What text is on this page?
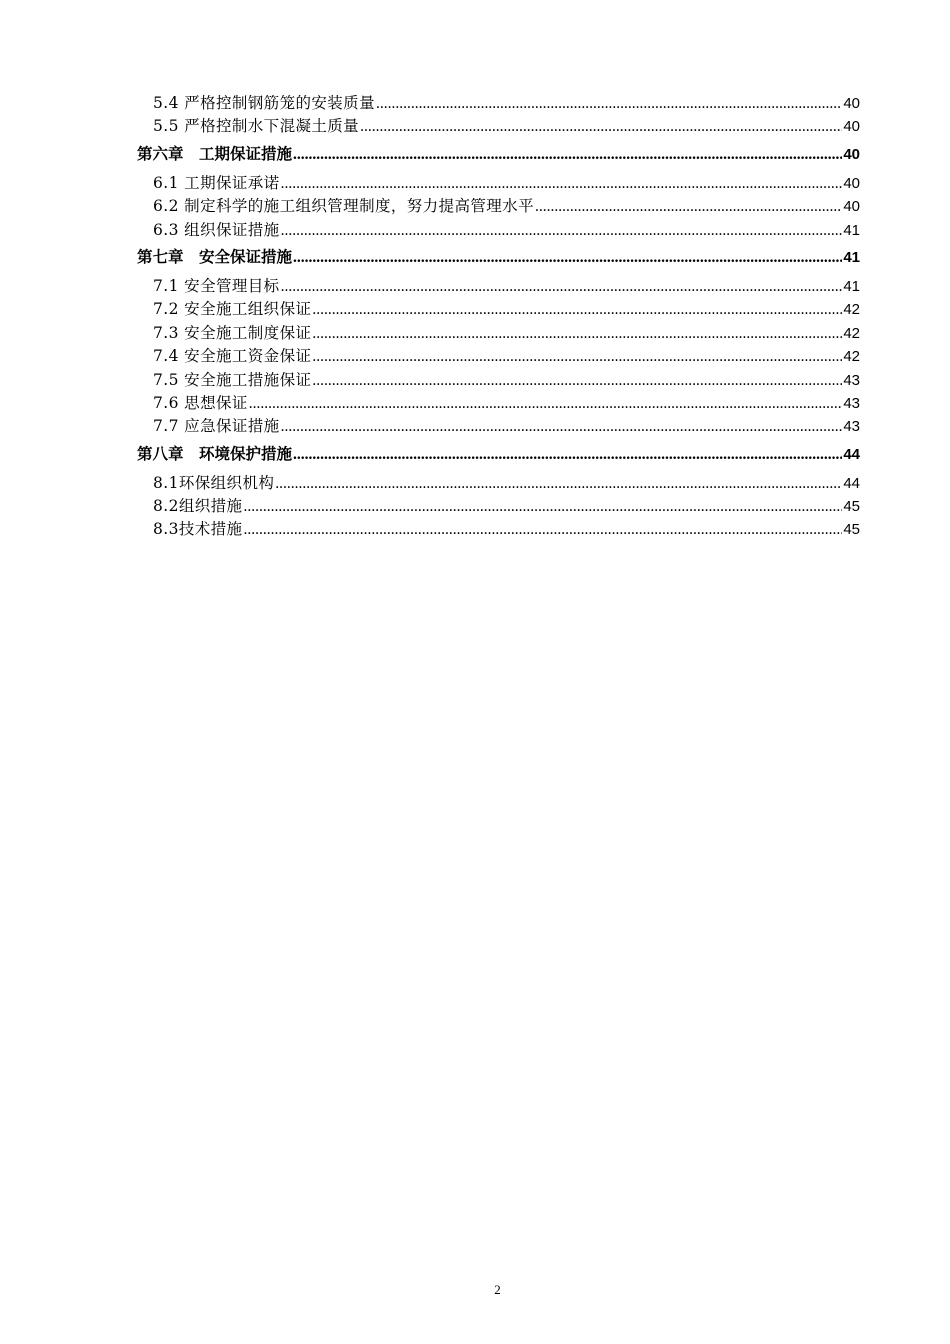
5.4 严格控制钢筋笼的安装质量 .....	40
5.5 严格控制水下混凝土质量 .....	40
第六章　工期保证措施 .....	40
6.1 工期保证承诺 .....	40
6.2 制定科学的施工组织管理制度，努力提高管理水平 .....	40
6.3 组织保证措施 .....	41
第七章　安全保证措施 .....	41
7.1 安全管理目标 .....	41
7.2 安全施工组织保证 .....	42
7.3 安全施工制度保证 .....	42
7.4 安全施工资金保证 .....	42
7.5 安全施工措施保证 .....	43
7.6 思想保证 .....	43
7.7 应急保证措施 .....	43
第八章　环境保护措施 .....	44
8.1环保组织机构 .....	44
8.2组织措施 .....	45
8.3技术措施 .....	45
2
